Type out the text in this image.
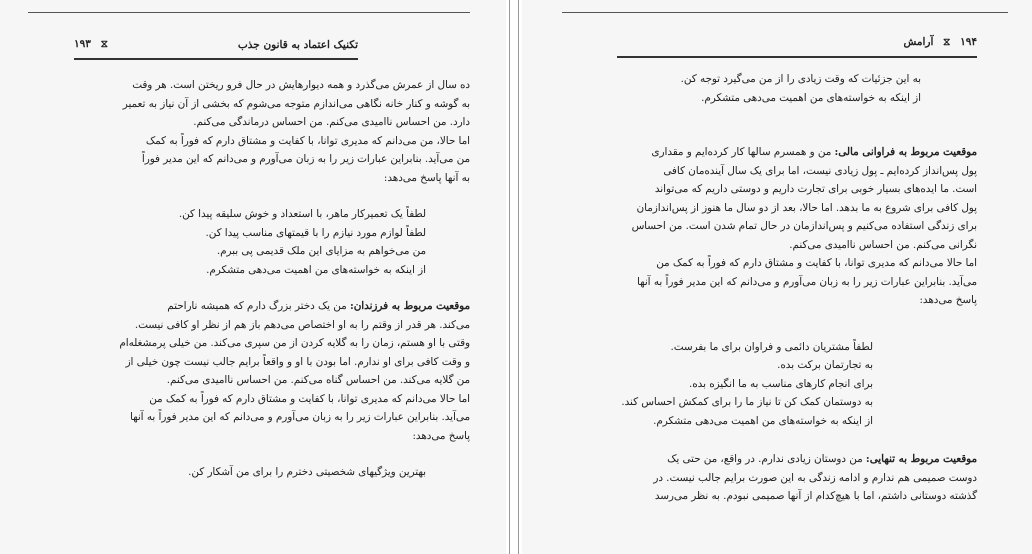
تکنیک اعتماد به قانون جذب
⧖ ۱۹۳

ده سال از عمرش می‌گذرد و همه دیوارهایش در حال فرو ریختن است. هر وقت

به گوشه و کنار خانه نگاهی می‌اندازم متوجه می‌شوم که بخشی از آن نیاز به تعمیر

دارد. من احساس ناامیدی می‌کنم. من احساس درماندگی می‌کنم.

اما حالا، من می‌دانم که مدیری توانا، با کفایت و مشتاق دارم که فوراً به کمک

من می‌آید. بنابراین عبارات زیر را به زبان می‌آورم و می‌دانم که این مدیر فوراً

به آنها پاسخ می‌دهد:

لطفاً یک تعمیرکار ماهر، با استعداد و خوش سلیقه پیدا کن.

لطفاً لوازم مورد نیازم را با قیمتهای مناسب پیدا کن.

من می‌خواهم به مزایای این ملک قدیمی پی ببرم.

از اینکه به خواسته‌های من اهمیت می‌دهی متشکرم.

موقعیت مربوط به فرزندان: من یک دختر بزرگ دارم که همیشه ناراحتم

می‌کند. هر قدر از وقتم را به او اختصاص می‌دهم باز هم از نظر او کافی نیست.

وقتی با او هستم، زمان را به گلایه کردن از من سپری می‌کند. من خیلی پرمشغله‌ام

و وقت کافی برای او ندارم. اما بودن با او و واقعاً برایم جالب نیست چون خیلی از

من گلایه می‌کند. من احساس گناه می‌کنم. من احساس ناامیدی می‌کنم.

اما حالا می‌دانم که مدیری توانا، با کفایت و مشتاق دارم که فوراً به کمک من

می‌آید. بنابراین عبارات زیر را به زبان می‌آورم و می‌دانم که این مدیر فوراً به آنها

پاسخ می‌دهد:

بهترین ویژگیهای شخصیتی دخترم را برای من آشکار کن.

۱۹۴ ⧖ آرامش

به این جزئیات که وقت زیادی را از من می‌گیرد توجه کن.

از اینکه به خواسته‌های من اهمیت می‌دهی متشکرم.

موقعیت مربوط به فراوانی مالی: من و همسرم سالها کار کرده‌ایم و مقداری

پول پس‌انداز کرده‌ایم ـ پول زیادی نیست، اما برای یک سال آینده‌مان کافی

است. ما ایده‌های بسیار خوبی برای تجارت داریم و دوستی داریم که می‌تواند

پول کافی برای شروع به ما بدهد. اما حالا، بعد از دو سال ما هنوز از پس‌اندازمان

برای زندگی استفاده می‌کنیم و پس‌اندازمان در حال تمام شدن است. من احساس

نگرانی می‌کنم. من احساس ناامیدی می‌کنم.

اما حالا می‌دانم که مدیری توانا، با کفایت و مشتاق دارم که فوراً به کمک من

می‌آید. بنابراین عبارات زیر را به زبان می‌آورم و می‌دانم که این مدیر فوراً به آنها

پاسخ می‌دهد:

لطفاً مشتریان دائمی و فراوان برای ما بفرست.

به تجارتمان برکت بده.

برای انجام کارهای مناسب به ما انگیزه بده.

به دوستمان کمک کن تا نیاز ما را برای کمکش احساس کند.

از اینکه به خواسته‌های من اهمیت می‌دهی متشکرم.

موقعیت مربوط به تنهایی: من دوستان زیادی ندارم. در واقع، من حتی یک

دوست صمیمی هم ندارم و ادامه زندگی به این صورت برایم جالب نیست. در

گذشته دوستانی داشتم، اما با هیچ‌کدام از آنها صمیمی نبودم. به نظر می‌رسد
